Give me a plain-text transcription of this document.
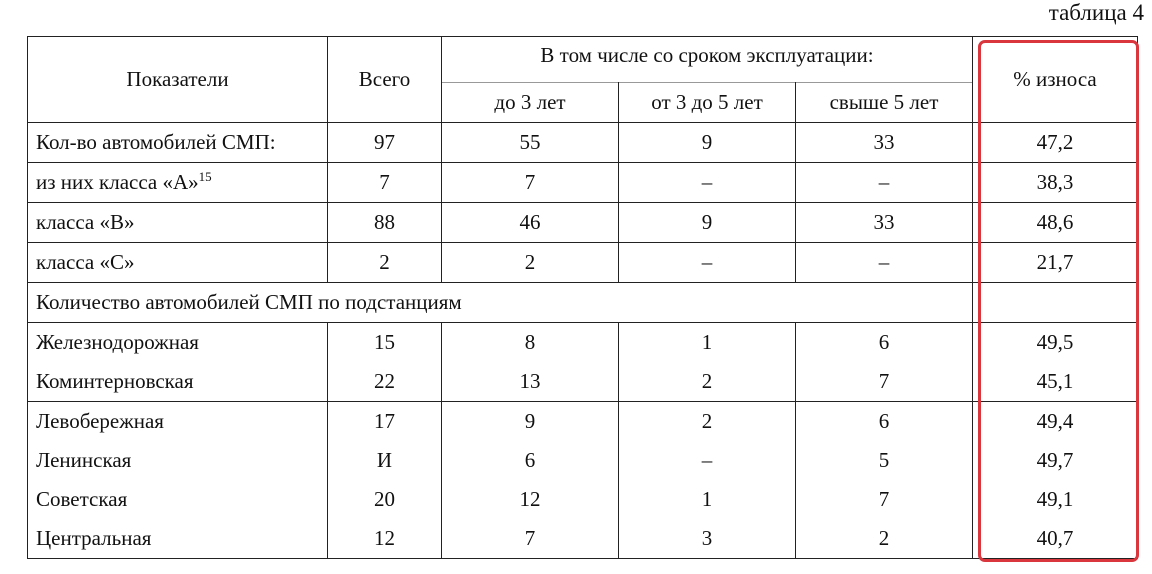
таблица 4
Показатели	Всего	В том числе со сроком эксплуатации:			% износа
		до 3 лет	от 3 до 5 лет	свыше 5 лет	
Кол-во автомобилей СМП:	97	55	9	33	47,2
из них класса «А»$^{15}$	7	7	–	–	38,3
класса «В»	88	46	9	33	48,6
класса «С»	2	2	–	–	21,7
Количество автомобилей СМП по подстанциям					
Железнодорожная	15	8	1	6	49,5
Коминтерновская	22	13	2	7	45,1
Левобережная	17	9	2	6	49,4
Ленинская	И	6	–	5	49,7
Советская	20	12	1	7	49,1
Центральная	12	7	3	2	40,7
